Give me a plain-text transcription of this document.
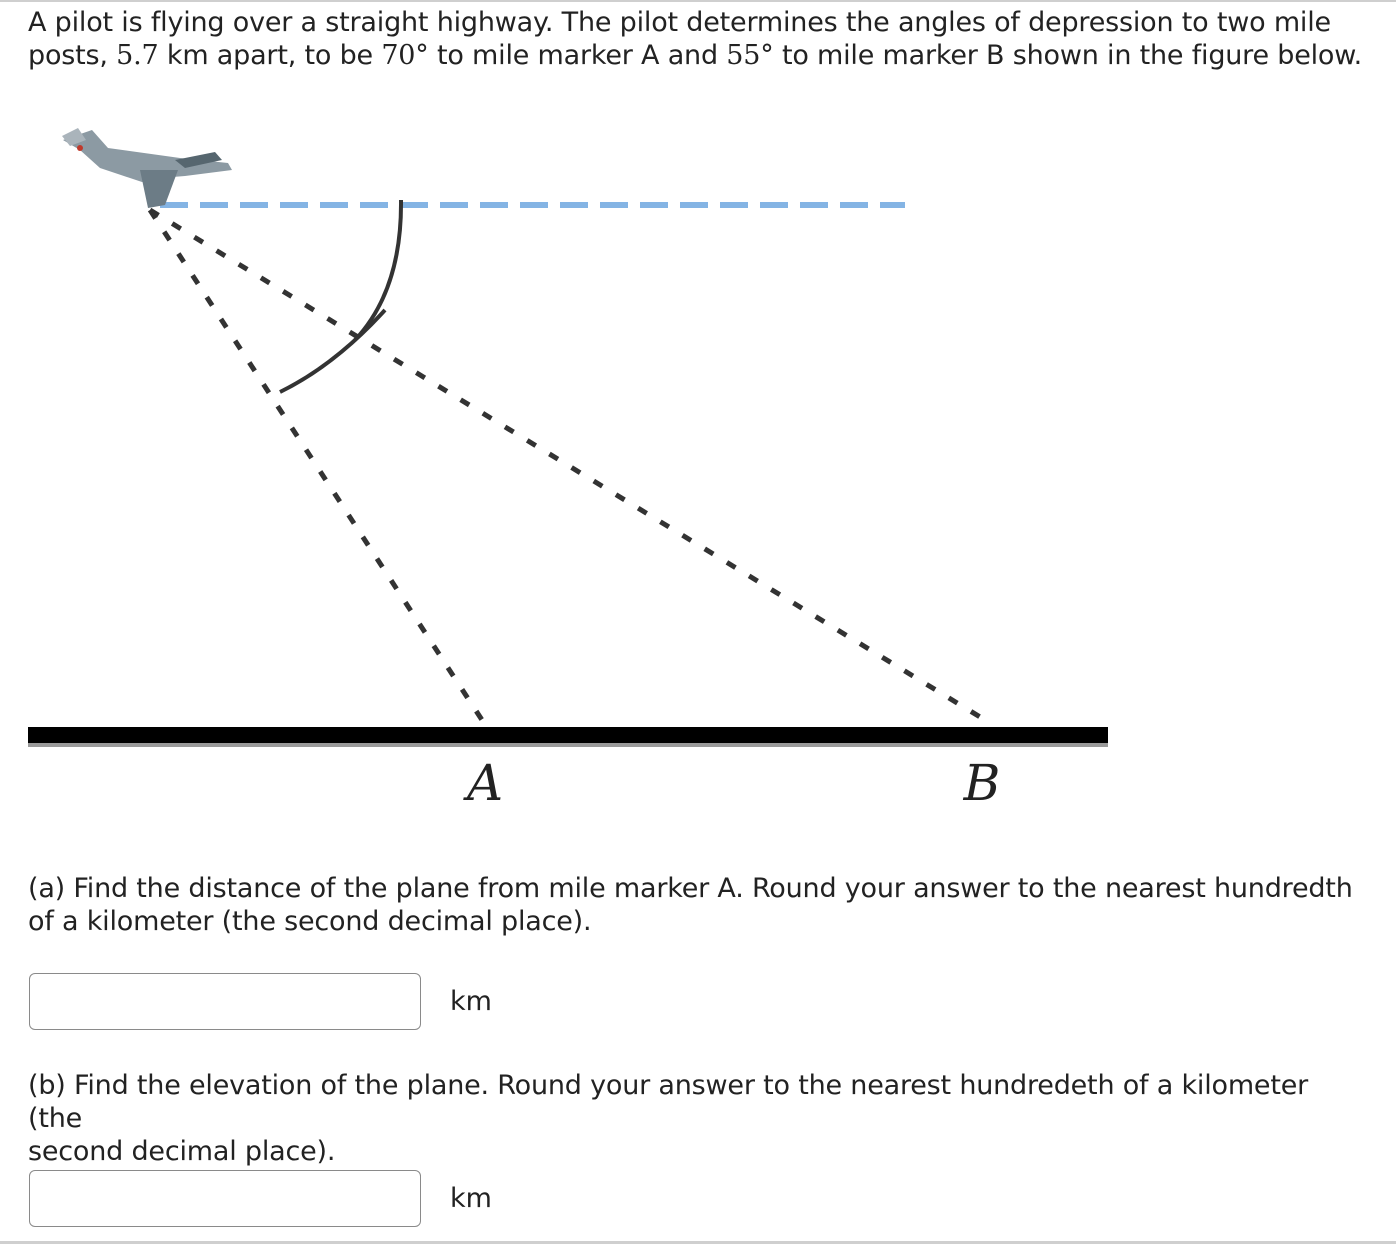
A pilot is flying over a straight highway. The pilot determines the angles of depression to two mile
posts, 5.7 km apart, to be 70° to mile marker A and 55° to mile marker B shown in the figure below.
A	B
(a) Find the distance of the plane from mile marker A. Round your answer to the nearest hundredth
of a kilometer (the second decimal place).
km
(b) Find the elevation of the plane. Round your answer to the nearest hundredeth of a kilometer (the
second decimal place).
km
